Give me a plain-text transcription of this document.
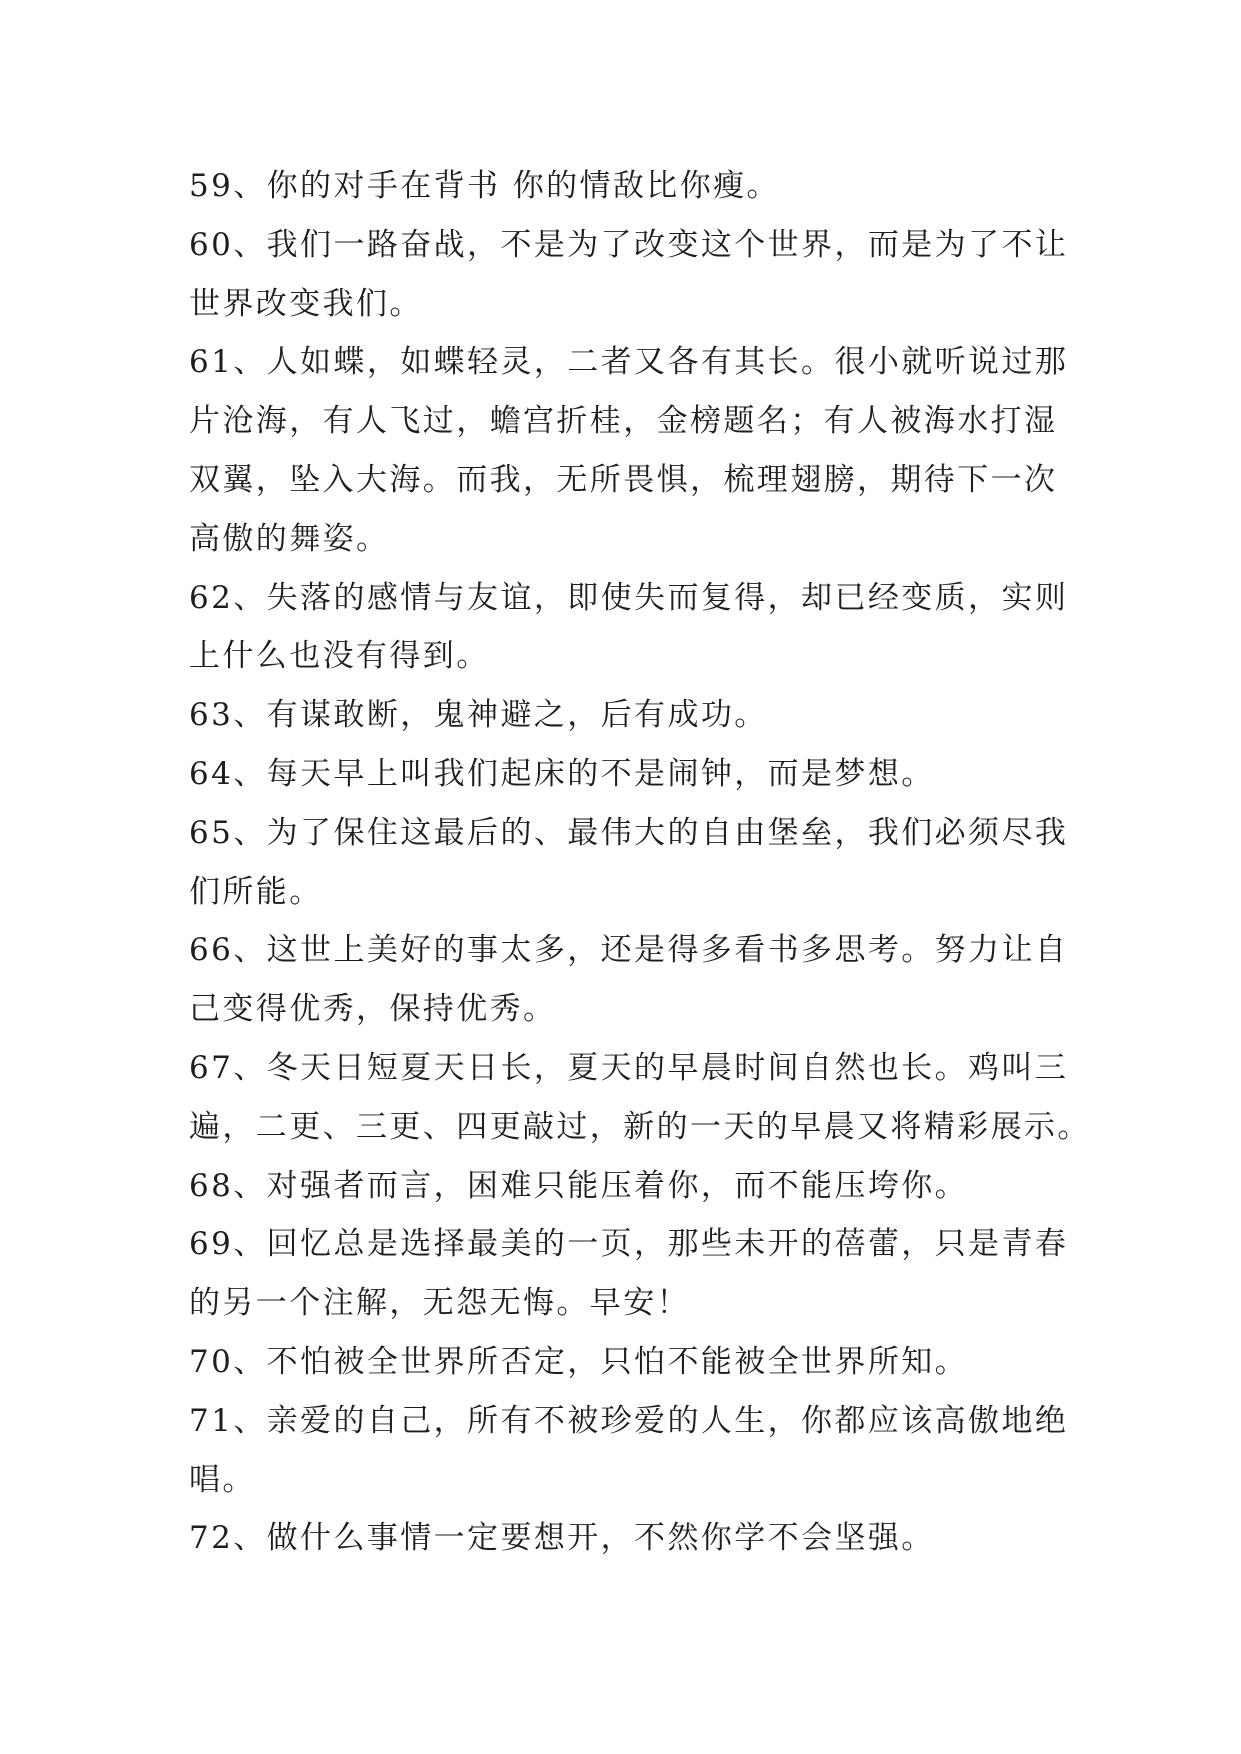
59、你的对手在背书 你的情敌比你瘦。
60、我们一路奋战，不是为了改变这个世界，而是为了不让
世界改变我们。
61、人如蝶，如蝶轻灵，二者又各有其长。很小就听说过那
片沧海，有人飞过，蟾宫折桂，金榜题名；有人被海水打湿
双翼，坠入大海。而我，无所畏惧，梳理翅膀，期待下一次
高傲的舞姿。
62、失落的感情与友谊，即使失而复得，却已经变质，实则
上什么也没有得到。
63、有谋敢断，鬼神避之，后有成功。
64、每天早上叫我们起床的不是闹钟，而是梦想。
65、为了保住这最后的、最伟大的自由堡垒，我们必须尽我
们所能。
66、这世上美好的事太多，还是得多看书多思考。努力让自
己变得优秀，保持优秀。
67、冬天日短夏天日长，夏天的早晨时间自然也长。鸡叫三
遍，二更、三更、四更敲过，新的一天的早晨又将精彩展示。
68、对强者而言，困难只能压着你，而不能压垮你。
69、回忆总是选择最美的一页，那些未开的蓓蕾，只是青春
的另一个注解，无怨无悔。早安！
70、不怕被全世界所否定，只怕不能被全世界所知。
71、亲爱的自己，所有不被珍爱的人生，你都应该高傲地绝
唱。
72、做什么事情一定要想开，不然你学不会坚强。
